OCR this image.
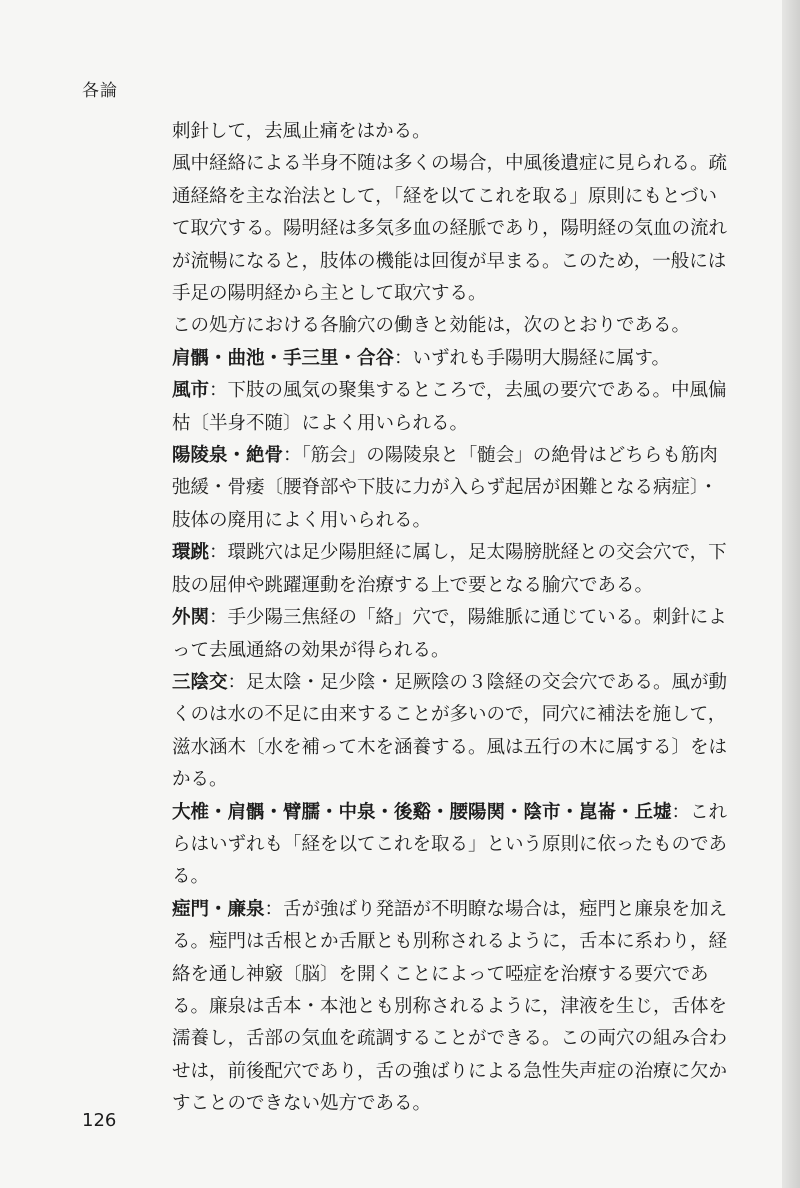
各論

刺針して，去風止痛をはかる。

風中経絡による半身不随は多くの場合，中風後遺症に見られる。疏通経絡を主な治法として，「経を以てこれを取る」原則にもとづいて取穴する。陽明経は多気多血の経脈であり，陽明経の気血の流れが流暢になると，肢体の機能は回復が早まる。このため，一般には手足の陽明経から主として取穴する。

この処方における各腧穴の働きと効能は，次のとおりである。

肩髃・曲池・手三里・合谷：いずれも手陽明大腸経に属す。

風市：下肢の風気の聚集するところで，去風の要穴である。中風偏枯〔半身不随〕によく用いられる。

陽陵泉・絶骨：「筋会」の陽陵泉と「髄会」の絶骨はどちらも筋肉弛緩・骨痿〔腰脊部や下肢に力が入らず起居が困難となる病症〕・肢体の廃用によく用いられる。

環跳：環跳穴は足少陽胆経に属し，足太陽膀胱経との交会穴で，下肢の屈伸や跳躍運動を治療する上で要となる腧穴である。

外関：手少陽三焦経の「絡」穴で，陽維脈に通じている。刺針によって去風通絡の効果が得られる。

三陰交：足太陰・足少陰・足厥陰の３陰経の交会穴である。風が動くのは水の不足に由来することが多いので，同穴に補法を施して，滋水涵木〔水を補って木を涵養する。風は五行の木に属する〕をはかる。

大椎・肩髃・臂臑・中泉・後谿・腰陽関・陰市・崑崙・丘墟：これらはいずれも「経を以てこれを取る」という原則に依ったものである。

瘂門・廉泉：舌が強ばり発語が不明瞭な場合は，瘂門と廉泉を加える。瘂門は舌根とか舌厭とも別称されるように，舌本に系わり，経絡を通し神竅〔脳〕を開くことによって啞症を治療する要穴である。廉泉は舌本・本池とも別称されるように，津液を生じ，舌体を濡養し，舌部の気血を疏調することができる。この両穴の組み合わせは，前後配穴であり，舌の強ばりによる急性失声症の治療に欠かすことのできない処方である。

126
